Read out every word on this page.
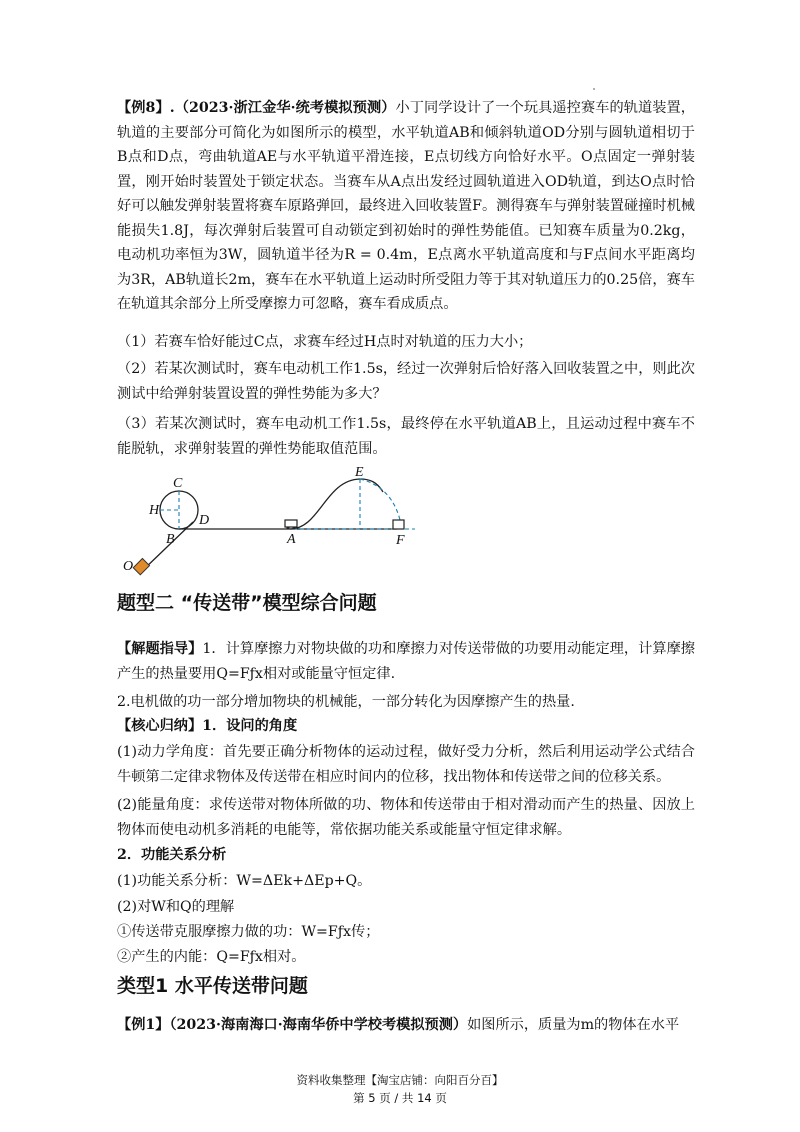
【例8】.（2023·浙江金华·统考模拟预测）小丁同学设计了一个玩具遥控赛车的轨道装置，轨道的主要部分可简化为如图所示的模型，水平轨道AB和倾斜轨道OD分别与圆轨道相切于B点和D点，弯曲轨道AE与水平轨道平滑连接，E点切线方向恰好水平。O点固定一弹射装置，刚开始时装置处于锁定状态。当赛车从A点出发经过圆轨道进入OD轨道，到达O点时恰好可以触发弹射装置将赛车原路弹回，最终进入回收装置F。测得赛车与弹射装置碰撞时机械能损失1.8J，每次弹射后装置可自动锁定到初始时的弹性势能值。已知赛车质量为0.2kg，电动机功率恒为3W，圆轨道半径为R = 0.4m，E点离水平轨道高度和与F点间水平距离均为3R，AB轨道长2m，赛车在水平轨道上运动时所受阻力等于其对轨道压力的0.25倍，赛车在轨道其余部分上所受摩擦力可忽略，赛车看成质点。
（1）若赛车恰好能过C点，求赛车经过H点时对轨道的压力大小；
（2）若某次测试时，赛车电动机工作1.5s，经过一次弹射后恰好落入回收装置之中，则此次测试中给弹射装置设置的弹性势能为多大？
（3）若某次测试时，赛车电动机工作1.5s，最终停在水平轨道AB上，且运动过程中赛车不能脱轨，求弹射装置的弹性势能取值范围。
C
H
D
B	A
E
F
O
题型二 “传送带”模型综合问题
【解题指导】1．计算摩擦力对物块做的功和摩擦力对传送带做的功要用动能定理，计算摩擦产生的热量要用Q=Fƒx相对或能量守恒定律.
2.电机做的功一部分增加物块的机械能，一部分转化为因摩擦产生的热量.
【核心归纳】1．设问的角度
(1)动力学角度：首先要正确分析物体的运动过程，做好受力分析，然后利用运动学公式结合牛顿第二定律求物体及传送带在相应时间内的位移，找出物体和传送带之间的位移关系。
(2)能量角度：求传送带对物体所做的功、物体和传送带由于相对滑动而产生的热量、因放上物体而使电动机多消耗的电能等，常依据功能关系或能量守恒定律求解。
2．功能关系分析
(1)功能关系分析：W=ΔEk+ΔEp+Q。
(2)对W和Q的理解
①传送带克服摩擦力做的功：W=Fƒx传；
②产生的内能：Q=Fƒx相对。
类型1 水平传送带问题
【例1】（2023·海南海口·海南华侨中学校考模拟预测）如图所示，质量为m的物体在水平
资料收集整理【淘宝店铺：向阳百分百】
第 5 页 / 共 14 页
